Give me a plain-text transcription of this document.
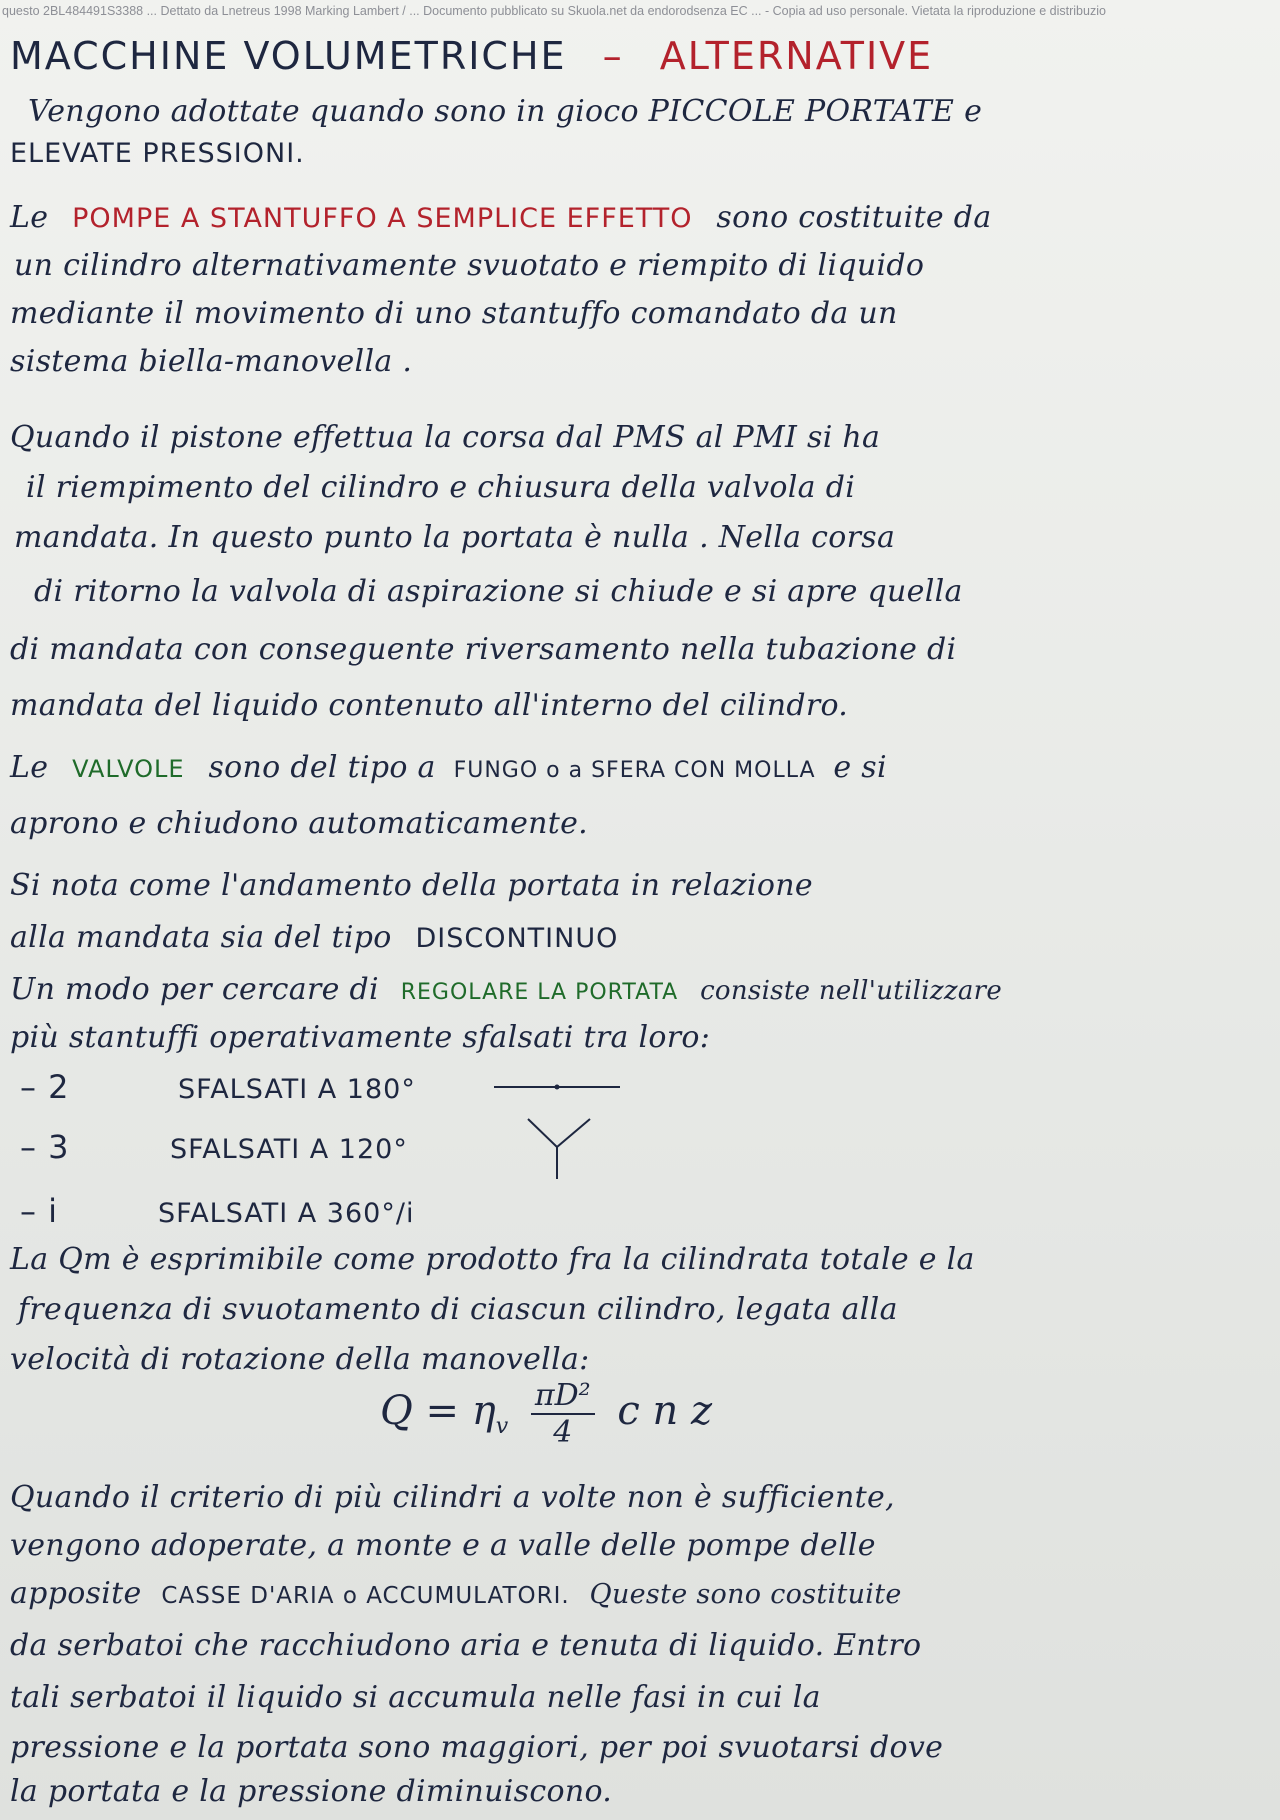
questo 2BL484491S3388 ... Dettato da Lnetreus 1998 Marking Lambert / ... Documento pubblicato su Skuola.net da endorodsenza EC ... - Copia ad uso personale. Vietata la riproduzione e distribuzio
MACCHINE VOLUMETRICHE – ALTERNATIVE
Vengono adottate quando sono in gioco PICCOLE PORTATE e
ELEVATE PRESSIONI.
Le POMPE A STANTUFFO A SEMPLICE EFFETTO sono costituite da
un cilindro alternativamente svuotato e riempito di liquido
mediante il movimento di uno stantuffo comandato da un
sistema biella-manovella .
Quando il pistone effettua la corsa dal PMS al PMI si ha
il riempimento del cilindro e chiusura della valvola di
mandata. In questo punto la portata è nulla . Nella corsa
di ritorno la valvola di aspirazione si chiude e si apre quella
di mandata con conseguente riversamento nella tubazione di
mandata del liquido contenuto all'interno del cilindro.
Le VALVOLE sono del tipo a FUNGO o a SFERA CON MOLLA e si
aprono e chiudono automaticamente.
Si nota come l'andamento della portata in relazione
alla mandata sia del tipo DISCONTINUO
Un modo per cercare di REGOLARE LA PORTATA consiste nell'utilizzare
più stantuffi operativamente sfalsati tra loro:
– 2	SFALSATI A 180°
– 3	SFALSATI A 120°
– i	SFALSATI A 360°/i
La Qm è esprimibile come prodotto fra la cilindrata totale e la
frequenza di svuotamento di ciascun cilindro, legata alla
velocità di rotazione della manovella:
$Q = \eta_v \frac{\text{πD²}}{4}$ c n z
Quando il criterio di più cilindri a volte non è sufficiente,
vengono adoperate, a monte e a valle delle pompe delle
apposite CASSE D'ARIA o ACCUMULATORI. Queste sono costituite
da serbatoi che racchiudono aria e tenuta di liquido. Entro
tali serbatoi il liquido si accumula nelle fasi in cui la
pressione e la portata sono maggiori, per poi svuotarsi dove
la portata e la pressione diminuiscono.
